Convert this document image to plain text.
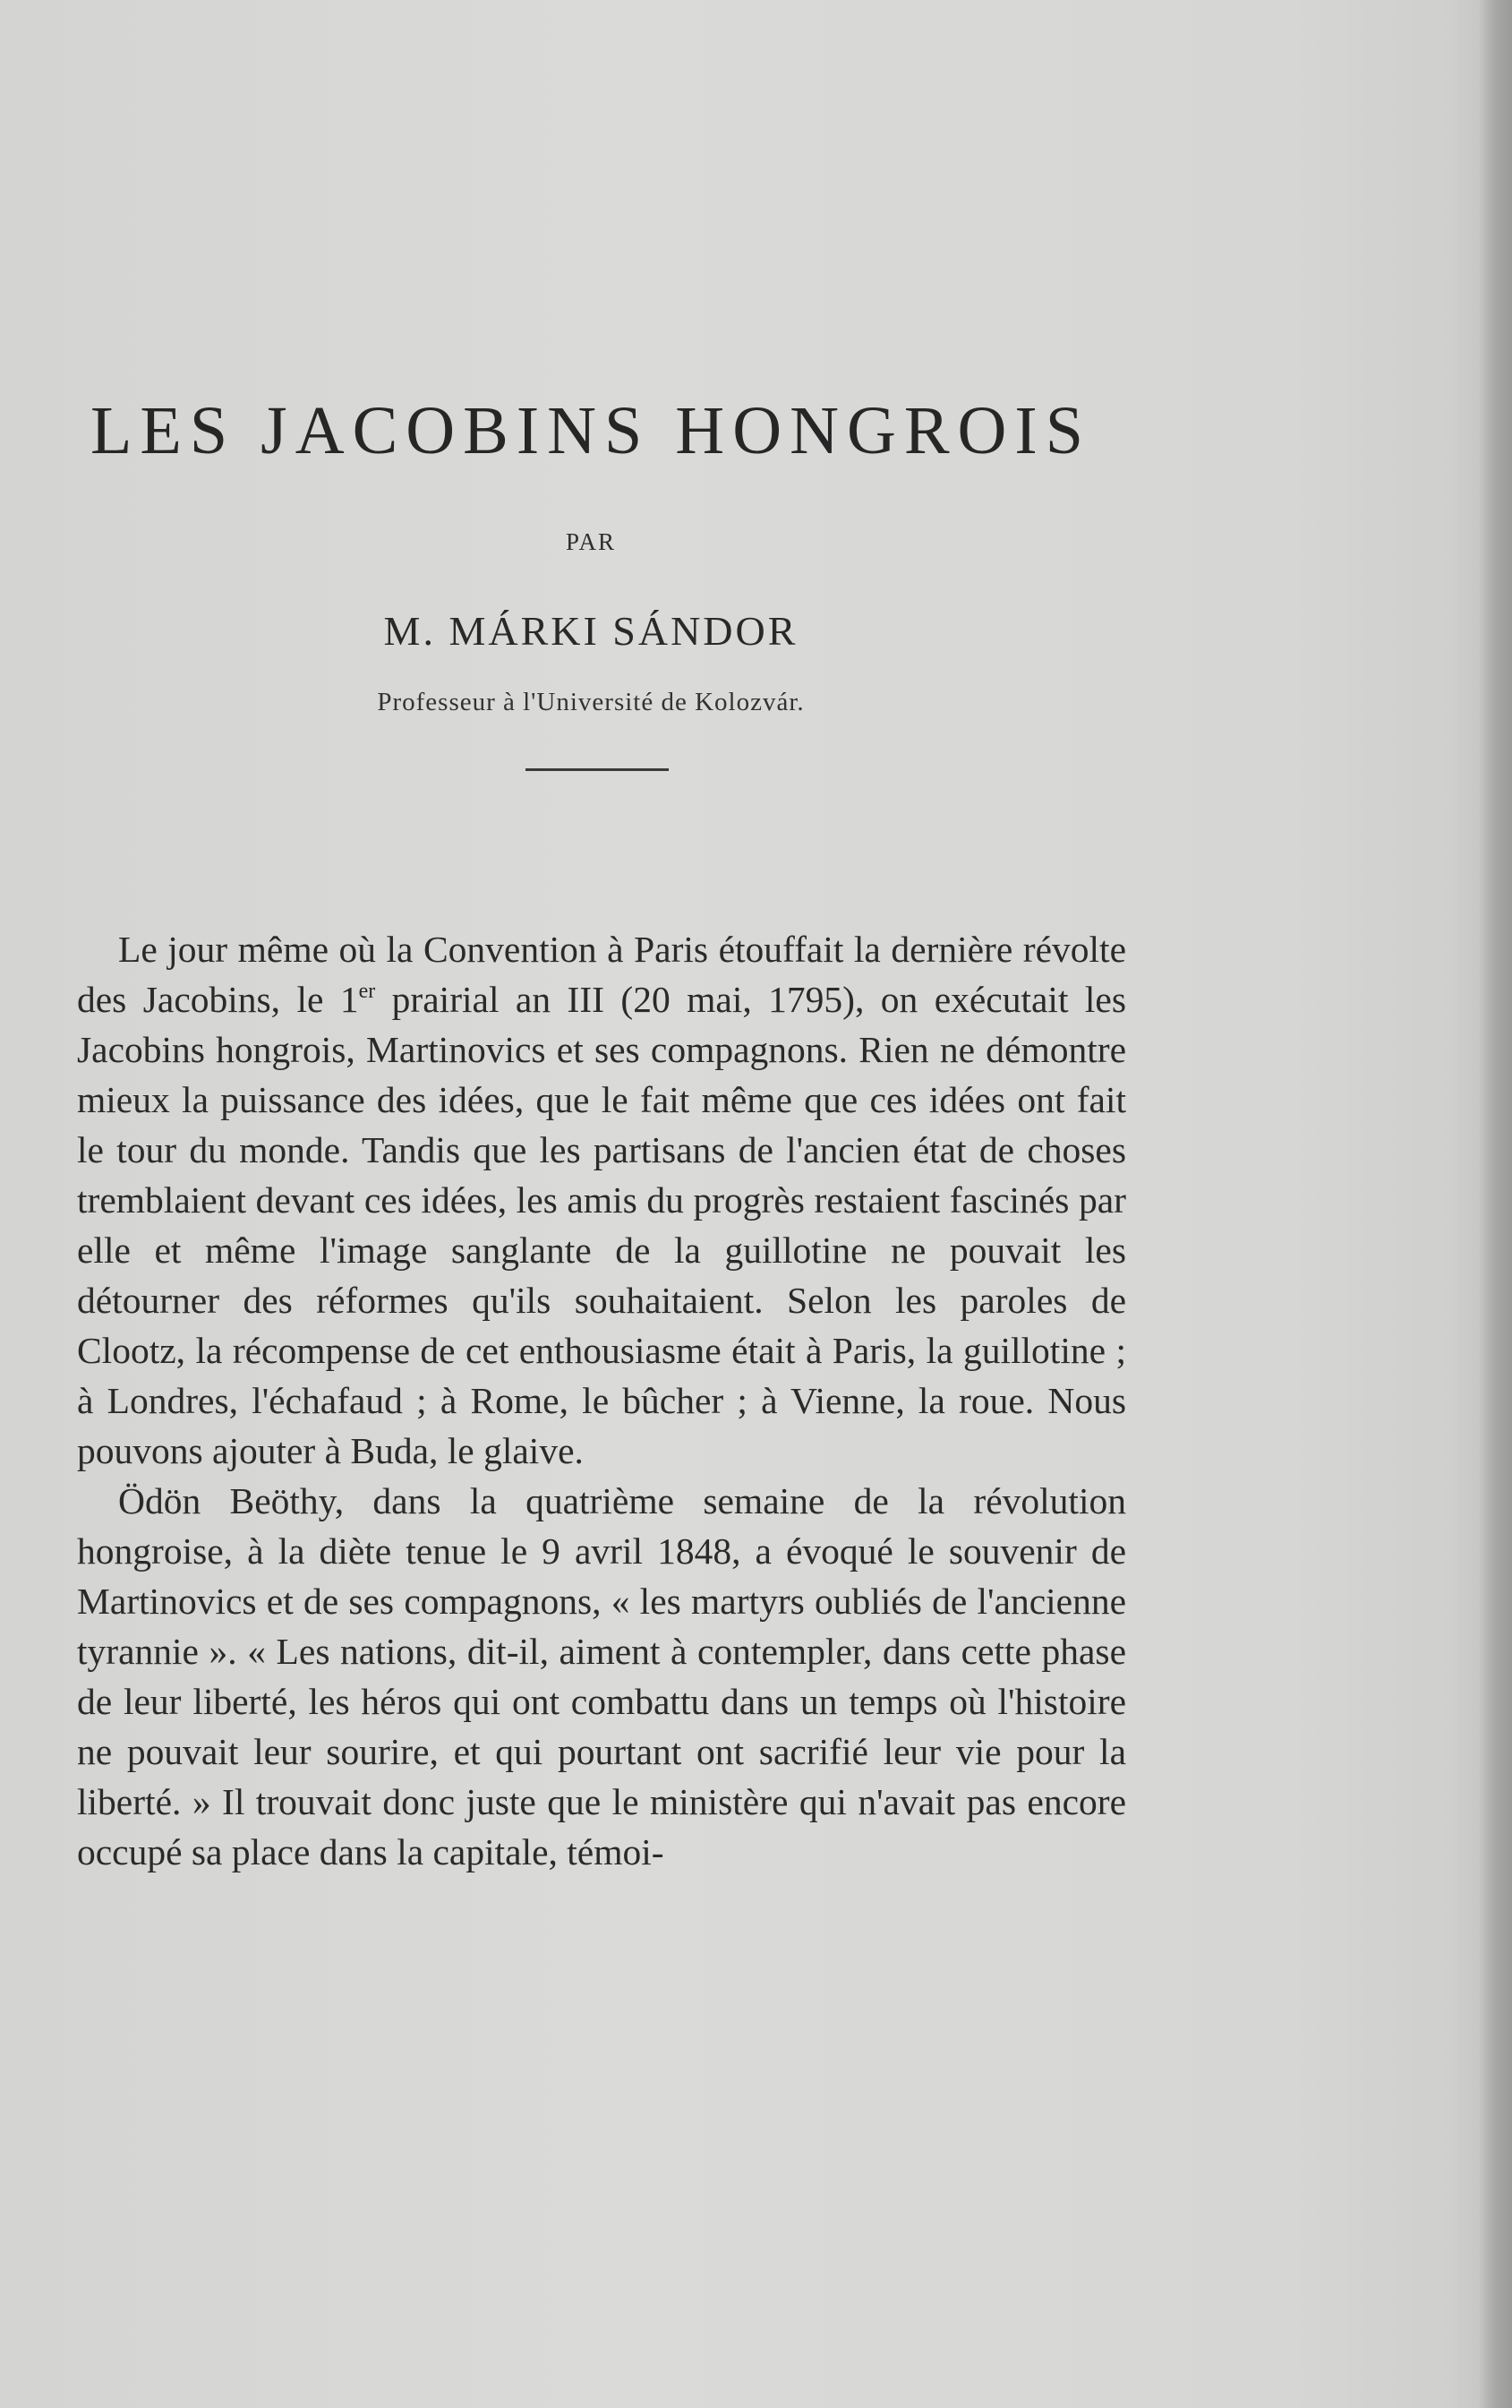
LES JACOBINS HONGROIS
PAR
M. MÁRKI SÁNDOR
Professeur à l'Université de Kolozvár.

Le jour même où la Convention à Paris étouffait la dernière révolte des Jacobins, le 1er prairial an III (20 mai, 1795), on exécutait les Jacobins hongrois, Martinovics et ses compagnons. Rien ne démontre mieux la puissance des idées, que le fait même que ces idées ont fait le tour du monde. Tandis que les partisans de l'ancien état de choses tremblaient devant ces idées, les amis du progrès restaient fascinés par elle et même l'image sanglante de la guillotine ne pouvait les détourner des réformes qu'ils souhaitaient. Selon les paroles de Clootz, la récompense de cet enthousiasme était à Paris, la guillotine ; à Londres, l'échafaud ; à Rome, le bûcher ; à Vienne, la roue. Nous pouvons ajouter à Buda, le glaive.

Ödön Beöthy, dans la quatrième semaine de la révolution hongroise, à la diète tenue le 9 avril 1848, a évoqué le souvenir de Martinovics et de ses compagnons, « les martyrs oubliés de l'ancienne tyrannie ». « Les nations, dit-il, aiment à contempler, dans cette phase de leur liberté, les héros qui ont combattu dans un temps où l'histoire ne pouvait leur sourire, et qui pourtant ont sacrifié leur vie pour la liberté. » Il trouvait donc juste que le ministère qui n'avait pas encore occupé sa place dans la capitale, témoi-
